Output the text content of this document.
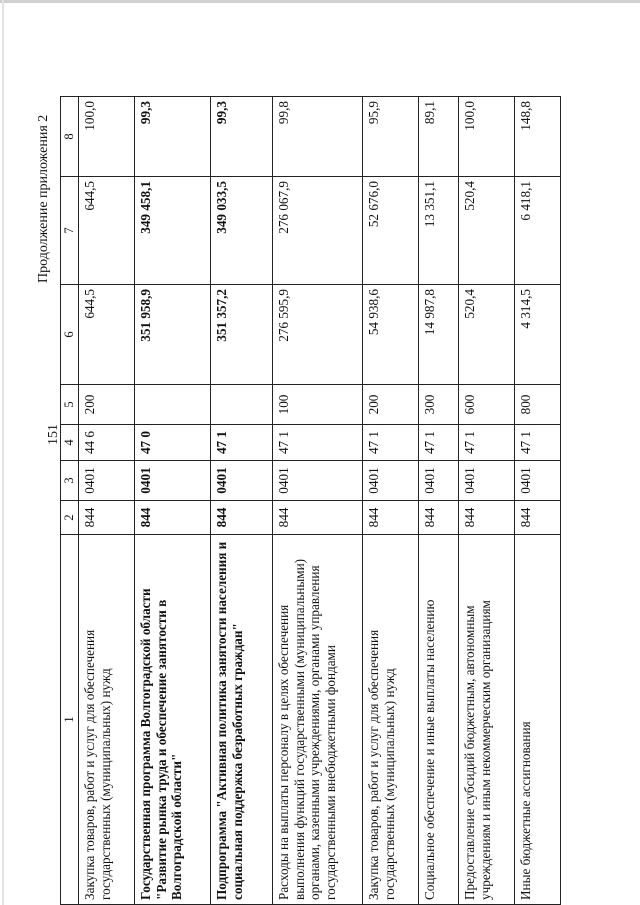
151
Продолжение приложения 2
1	2	3	4	5	6	7	8
Закупка товаров, работ и услуг для обеспечения государственных (муниципальных) нужд	844	0401	44 6	200	644,5	644,5	100,0
Государственная программа Волгоградской области "Развитие рынка труда и обеспечение занятости в Волгоградской области"	844	0401	47 0		351 958,9	349 458,1	99,3
Подпрограмма "Активная политика занятости населения и социальная поддержка безработных граждан"	844	0401	47 1		351 357,2	349 033,5	99,3
Расходы на выплаты персоналу в целях обеспечения выполнения функций государственными (муниципальными) органами, казенными учреждениями, органами управления государственными внебюджетными фондами	844	0401	47 1	100	276 595,9	276 067,9	99,8
Закупка товаров, работ и услуг для обеспечения государственных (муниципальных) нужд	844	0401	47 1	200	54 938,6	52 676,0	95,9
Социальное обеспечение и иные выплаты населению	844	0401	47 1	300	14 987,8	13 351,1	89,1
Предоставление субсидий бюджетным, автономным учреждениям и иным некоммерческим организациям	844	0401	47 1	600	520,4	520,4	100,0
Иные бюджетные ассигнования	844	0401	47 1	800	4 314,5	6 418,1	148,8
